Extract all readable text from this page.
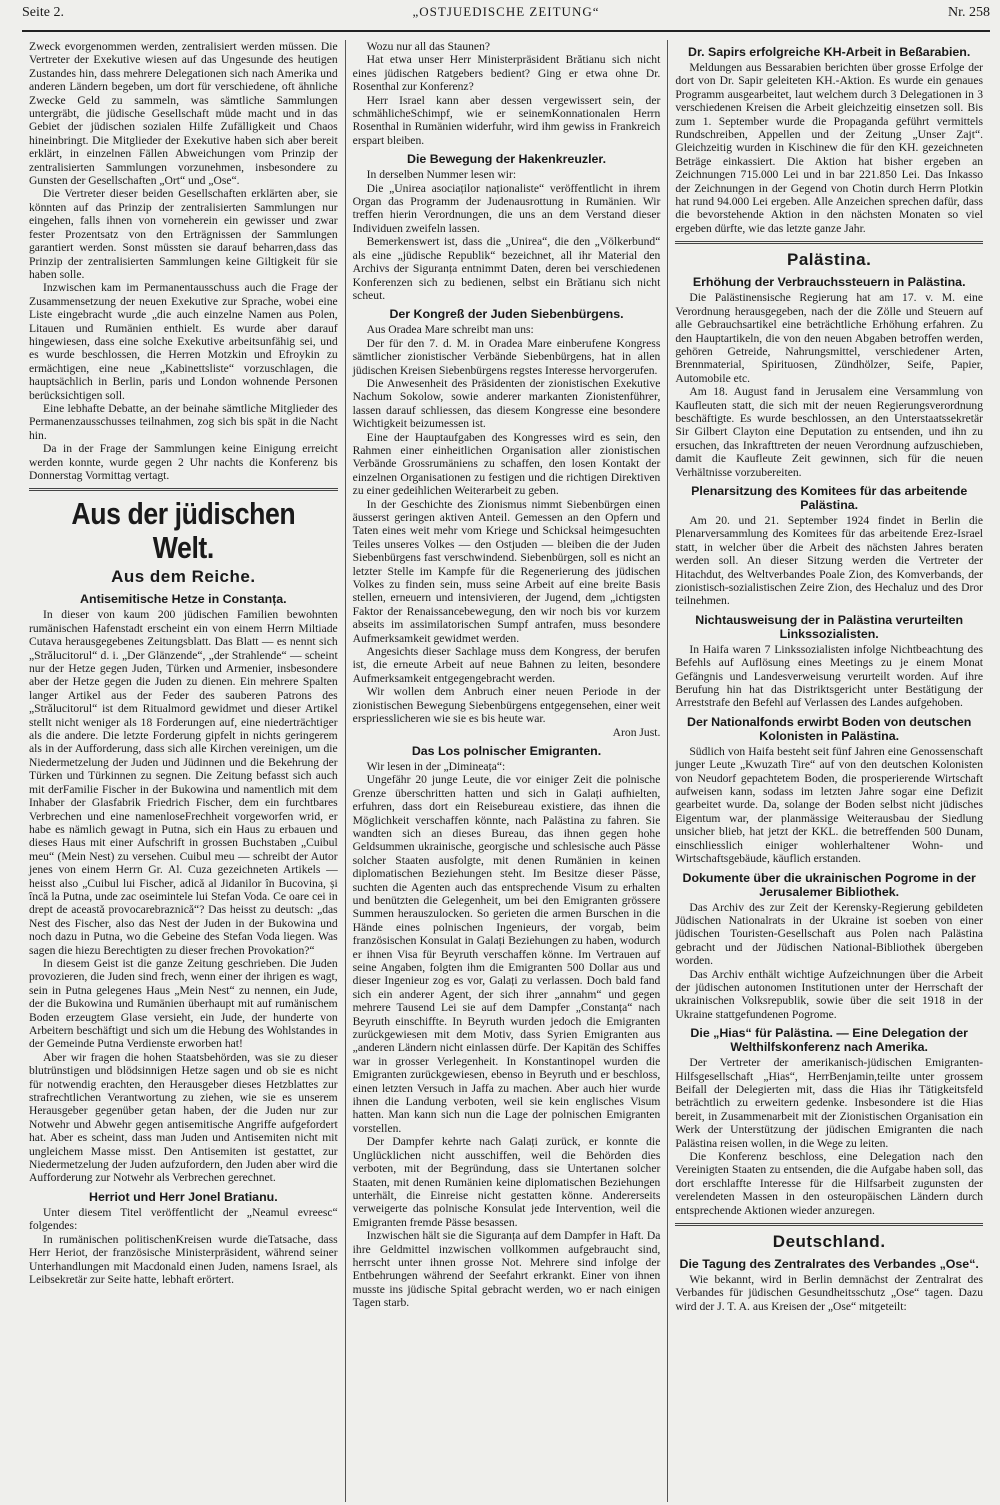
Seite 2.	„OSTJUEDISCHE ZEITUNG“	Nr. 258

Zweck evorgenommen werden, zentralisiert werden müssen. Die Vertreter der Exekutive wiesen auf das Ungesunde des heutigen Zustandes hin, dass mehrere Delegationen sich nach Amerika und anderen Ländern begeben, um dort für verschiedene, oft ähnliche Zwecke Geld zu sammeln, was sämtliche Sammlungen untergräbt, die jüdische Gesellschaft müde macht und in das Gebiet der jüdischen sozialen Hilfe Zufälligkeit und Chaos hineinbringt. Die Mitglieder der Exekutive haben sich aber bereit erklärt, in einzelnen Fällen Abweichungen vom Prinzip der zentralisierten Sammlungen vorzunehmen, insbesondere zu Gunsten der Gesellschaften „Ort“ und „Ose“.

Die Vertreter dieser beiden Gesellschaften erklärten aber, sie könnten auf das Prinzip der zentralisierten Sammlungen nur eingehen, falls ihnen von vorneherein ein gewisser und zwar fester Prozentsatz von den Erträgnissen der Sammlungen garantiert werden. Sonst müssten sie darauf beharren,dass das Prinzip der zentralisierten Sammlungen keine Giltigkeit für sie haben solle.

Inzwischen kam im Permanentausschuss auch die Frage der Zusammensetzung der neuen Exekutive zur Sprache, wobei eine Liste eingebracht wurde „die auch einzelne Namen aus Polen, Litauen und Rumänien enthielt. Es wurde aber darauf hingewiesen, dass eine solche Exekutive arbeitsunfähig sei, und es wurde beschlossen, die Herren Motzkin und Efroykin zu ermächtigen, eine neue „Kabinettsliste“ vorzuschlagen, die hauptsächlich in Berlin, paris und London wohnende Personen berücksichtigen soll.

Eine lebhafte Debatte, an der beinahe sämtliche Mitglieder des Permanenzausschusses teilnahmen, zog sich bis spät in die Nacht hin.

Da in der Frage der Sammlungen keine Einigung erreicht werden konnte, wurde gegen 2 Uhr nachts die Konferenz bis Donnerstag Vormittag vertagt.

Aus der jüdischen Welt.
Aus dem Reiche.
Antisemitische Hetze in Constanța.

In dieser von kaum 200 jüdischen Familien bewohnten rumänischen Hafenstadt erscheint ein von einem Herrn Miltiade Cutava herausgegebenes Zeitungsblatt. Das Blatt — es nennt sich „Strălucitorul“ d. i. „Der Glänzende“, „der Strahlende“ — scheint nur der Hetze gegen Juden, Türken und Armenier, insbesondere aber der Hetze gegen die Juden zu dienen. Ein mehrere Spalten langer Artikel aus der Feder des sauberen Patrons des „Strălucitorul“ ist dem Ritualmord gewidmet und dieser Artikel stellt nicht weniger als 18 Forderungen auf, eine niederträchtiger als die andere. Die letzte Forderung gipfelt in nichts geringerem als in der Aufforderung, dass sich alle Kirchen vereinigen, um die Niedermetzelung der Juden und Jüdinnen und die Bekehrung der Türken und Türkinnen zu segnen. Die Zeitung befasst sich auch mit derFamilie Fischer in der Bukowina und namentlich mit dem Inhaber der Glasfabrik Friedrich Fischer, dem ein furchtbares Verbrechen und eine namenloseFrechheit vorgeworfen wrid, er habe es nämlich gewagt in Putna, sich ein Haus zu erbauen und dieses Haus mit einer Aufschrift in grossen Buchstaben „Cuibul meu“ (Mein Nest) zu versehen. Cuibul meu — schreibt der Autor jenes von einem Herrn Gr. Al. Cuza gezeichneten Artikels — heisst also „Cuibul lui Fischer, adică al Jidanilor în Bucovina, și încă la Putna, unde zac oseimintele lui Stefan Voda. Ce oare cei in drept de aceastǎ provocarebraznică“? Das heisst zu deutsch: „das Nest des Fischer, also das Nest der Juden in der Bukowina und noch dazu in Putna, wo die Gebeine des Stefan Voda liegen. Was sagen die hiezu Berechtigten zu dieser frechen Provokation?“

In diesem Geist ist die ganze Zeitung geschrieben. Die Juden provozieren, die Juden sind frech, wenn einer der ihrigen es wagt, sein in Putna gelegenes Haus „Mein Nest“ zu nennen, ein Jude, der die Bukowina und Rumänien überhaupt mit auf rumänischem Boden erzeugtem Glase versieht, ein Jude, der hunderte von Arbeitern beschäftigt und sich um die Hebung des Wohlstandes in der Gemeinde Putna Verdienste erworben hat!

Aber wir fragen die hohen Staatsbehörden, was sie zu dieser blutrünstigen und blödsinnigen Hetze sagen und ob sie es nicht für notwendig erachten, den Herausgeber dieses Hetzblattes zur strafrechtlichen Verantwortung zu ziehen, wie sie es unserem Herausgeber gegenüber getan haben, der die Juden nur zur Notwehr und Abwehr gegen antisemitische Angriffe aufgefordert hat. Aber es scheint, dass man Juden und Antisemiten nicht mit ungleichem Masse misst. Den Antisemiten ist gestattet, zur Niedermetzelung der Juden aufzufordern, den Juden aber wird die Aufforderung zur Notwehr als Verbrechen gerechnet.

Herriot und Herr Jonel Bratianu.

Unter diesem Titel veröffentlicht der „Neamul evreesc“ folgendes:

In rumänischen politischenKreisen wurde dieTatsache, dass Herr Heriot, der französische Ministerpräsident, während seiner Unterhandlungen mit Macdonald einen Juden, namens Israel, als Leibsekretär zur Seite hatte, lebhaft erörtert.

Wozu nur all das Staunen?

Hat etwa unser Herr Ministerpräsident Brătianu sich nicht eines jüdischen Ratgebers bedient? Ging er etwa ohne Dr. Rosenthal zur Konferenz?

Herr Israel kann aber dessen vergewissert sein, der schmählicheSchimpf, wie er seinemKonnationalen Herrn Rosenthal in Rumänien widerfuhr, wird ihm gewiss in Frankreich erspart bleiben.

Die Bewegung der Hakenkreuzler.

In derselben Nummer lesen wir:

Die „Unirea asociaților naționaliste“ veröffentlicht in ihrem Organ das Programm der Judenausrottung in Rumänien. Wir treffen hierin Verordnungen, die uns an dem Verstand dieser Individuen zweifeln lassen.

Bemerkenswert ist, dass die „Unirea“, die den „Völkerbund“ als eine „jüdische Republik“ bezeichnet, all ihr Material den Archivs der Siguranța entnimmt Daten, deren bei verschiedenen Konferenzen sich zu bedienen, selbst ein Brătianu sich nicht scheut.

Der Kongreß der Juden Siebenbürgens.

Aus Oradea Mare schreibt man uns:

Der für den 7. d. M. in Oradea Mare einberufene Kongress sämtlicher zionistischer Verbände Siebenbürgens, hat in allen jüdischen Kreisen Siebenbürgens regstes Interesse hervorgerufen.

Die Anwesenheit des Präsidenten der zionistischen Exekutive Nachum Sokolow, sowie anderer markanten Zionistenführer, lassen darauf schliessen, das diesem Kongresse eine besondere Wichtigkeit beizumessen ist.

Eine der Hauptaufgaben des Kongresses wird es sein, den Rahmen einer einheitlichen Organisation aller zionistischen Verbände Grossrumäniens zu schaffen, den losen Kontakt der einzelnen Organisationen zu festigen und die richtigen Direktiven zu einer gedeihlichen Weiterarbeit zu geben.

In der Geschichte des Zionismus nimmt Siebenbürgen einen äusserst geringen aktiven Anteil. Gemessen an den Opfern und Taten eines weit mehr vom Kriege und Schicksal heimgesuchten Teiles unseres Volkes — den Ostjuden — bleiben die der Juden Siebenbürgens fast verschwindend. Siebenbürgen, soll es nicht an letzter Stelle im Kampfe für die Regenerierung des jüdischen Volkes zu finden sein, muss seine Arbeit auf eine breite Basis stellen, erneuern und intensivieren, der Jugend, dem „ichtigsten Faktor der Renaissancebewegung, den wir noch bis vor kurzem abseits im assimilatorischen Sumpf antrafen, muss besondere Aufmerksamkeit gewidmet werden.

Angesichts dieser Sachlage muss dem Kongress, der berufen ist, die erneute Arbeit auf neue Bahnen zu leiten, besondere Aufmerksamkeit entgegengebracht werden.

Wir wollen dem Anbruch einer neuen Periode in der zionistischen Bewegung Siebenbürgens entgegensehen, einer weit erspriesslicheren wie sie es bis heute war.

Aron Just.

Das Los polnischer Emigranten.

Wir lesen in der „Dimineața“:

Ungefähr 20 junge Leute, die vor einiger Zeit die polnische Grenze überschritten hatten und sich in Galați aufhielten, erfuhren, dass dort ein Reisebureau existiere, das ihnen die Möglichkeit verschaffen könnte, nach Palästina zu fahren. Sie wandten sich an dieses Bureau, das ihnen gegen hohe Geldsummen ukrainische, georgische und schlesische auch Pässe solcher Staaten ausfolgte, mit denen Rumänien in keinen diplomatischen Beziehungen steht. Im Besitze dieser Pässe, suchten die Agenten auch das entsprechende Visum zu erhalten und benützten die Gelegenheit, um bei den Emigranten grössere Summen herauszulocken. So gerieten die armen Burschen in die Hände eines polnischen Ingenieurs, der vorgab, beim französischen Konsulat in Galați Beziehungen zu haben, wodurch er ihnen Visa für Beyruth verschaffen könne. Im Vertrauen auf seine Angaben, folgten ihm die Emigranten 500 Dollar aus und dieser Ingenieur zog es vor, Galați zu verlassen. Doch bald fand sich ein anderer Agent, der sich ihrer „annahm“ und gegen mehrere Tausend Lei sie auf dem Dampfer „Constanța“ nach Beyruth einschiffte. In Beyruth wurden jedoch die Emigranten zurückgewiesen mit dem Motiv, dass Syrien Emigranten aus „anderen Ländern nicht einlassen dürfe. Der Kapitän des Schiffes war in grosser Verlegenheit. In Konstantinopel wurden die Emigranten zurückgewiesen, ebenso in Beyruth und er beschloss, einen letzten Versuch in Jaffa zu machen. Aber auch hier wurde ihnen die Landung verboten, weil sie kein englisches Visum hatten. Man kann sich nun die Lage der polnischen Emigranten vorstellen.

Der Dampfer kehrte nach Galați zurück, er konnte die Unglücklichen nicht ausschiffen, weil die Behörden dies verboten, mit der Begründung, dass sie Untertanen solcher Staaten, mit denen Rumänien keine diplomatischen Beziehungen unterhält, die Einreise nicht gestatten könne. Andererseits verweigerte das polnische Konsulat jede Intervention, weil die Emigranten fremde Pässe besassen.

Inzwischen hält sie die Siguranța auf dem Dampfer in Haft. Da ihre Geldmittel inzwischen vollkommen aufgebraucht sind, herrscht unter ihnen grosse Not. Mehrere sind infolge der Entbehrungen während der Seefahrt erkrankt. Einer von ihnen musste ins jüdische Spital gebracht werden, wo er nach einigen Tagen starb.

Dr. Sapirs erfolgreiche KH-Arbeit in Beßarabien.

Meldungen aus Bessarabien berichten über grosse Erfolge der dort von Dr. Sapir geleiteten KH.-Aktion. Es wurde ein genaues Programm ausgearbeitet, laut welchem durch 3 Delegationen in 3 verschiedenen Kreisen die Arbeit gleichzeitig einsetzen soll. Bis zum 1. September wurde die Propaganda geführt vermittels Rundschreiben, Appellen und der Zeitung „Unser Zajt“. Gleichzeitig wurden in Kischinew die für den KH. gezeichneten Beträge einkassiert. Die Aktion hat bisher ergeben an Zeichnungen 715.000 Lei und in bar 221.850 Lei. Das Inkasso der Zeichnungen in der Gegend von Chotin durch Herrn Plotkin hat rund 94.000 Lei ergeben. Alle Anzeichen sprechen dafür, dass die bevorstehende Aktion in den nächsten Monaten so viel ergeben dürfte, wie das letzte ganze Jahr.

Palästina.
Erhöhung der Verbrauchssteuern in Palästina.

Die Palästinensische Regierung hat am 17. v. M. eine Verordnung herausgegeben, nach der die Zölle und Steuern auf alle Gebrauchsartikel eine beträchtliche Erhöhung erfahren. Zu den Hauptartikeln, die von den neuen Abgaben betroffen werden, gehören Getreide, Nahrungsmittel, verschiedener Arten, Brennmaterial, Spirituosen, Zündhölzer, Seife, Papier, Automobile etc.

Am 18. August fand in Jerusalem eine Versammlung von Kaufleuten statt, die sich mit der neuen Regierungsverordnung beschäftigte. Es wurde beschlossen, an den Unterstaatssekretär Sir Gilbert Clayton eine Deputation zu entsenden, und ihn zu ersuchen, das Inkrafttreten der neuen Verordnung aufzuschieben, damit die Kaufleute Zeit gewinnen, sich für die neuen Verhältnisse vorzubereiten.

Plenarsitzung des Komitees für das arbeitende Palästina.

Am 20. und 21. September 1924 findet in Berlin die Plenarversammlung des Komitees für das arbeitende Erez-Israel statt, in welcher über die Arbeit des nächsten Jahres beraten werden soll. An dieser Sitzung werden die Vertreter der Hitachdut, des Weltverbandes Poale Zion, des Komverbands, der zionistisch-sozialistischen Zeire Zion, des Hechaluz und des Dror teilnehmen.

Nichtausweisung der in Palästina verurteilten Linkssozialisten.

In Haifa waren 7 Linkssozialisten infolge Nichtbeachtung des Befehls auf Auflösung eines Meetings zu je einem Monat Gefängnis und Landesverweisung verurteilt worden. Auf ihre Berufung hin hat das Distriktsgericht unter Bestätigung der Arreststrafe den Befehl auf Verlassen des Landes aufgehoben.

Der Nationalfonds erwirbt Boden von deutschen Kolonisten in Palästina.

Südlich von Haifa besteht seit fünf Jahren eine Genossenschaft junger Leute „Kwuzath Tire“ auf von den deutschen Kolonisten von Neudorf gepachtetem Boden, die prosperierende Wirtschaft aufweisen kann, sodass im letzten Jahre sogar eine Defizit gearbeitet wurde. Da, solange der Boden selbst nicht jüdisches Eigentum war, der planmässige Weiterausbau der Siedlung unsicher blieb, hat jetzt der KKL. die betreffenden 500 Dunam, einschliesslich einiger wohlerhaltener Wohn- und Wirtschaftsgebäude, käuflich erstanden.

Dokumente über die ukrainischen Pogrome in der Jerusalemer Bibliothek.

Das Archiv des zur Zeit der Kerensky-Regierung gebildeten Jüdischen Nationalrats in der Ukraine ist soeben von einer jüdischen Touristen-Gesellschaft aus Polen nach Palästina gebracht und der Jüdischen National-Bibliothek übergeben worden.

Das Archiv enthält wichtige Aufzeichnungen über die Arbeit der jüdischen autonomen Institutionen unter der Herrschaft der ukrainischen Volksrepublik, sowie über die seit 1918 in der Ukraine stattgefundenen Pogrome.

Die „Hias“ für Palästina. — Eine Delegation der Welthilfskonferenz nach Amerika.

Der Vertreter der amerikanisch-jüdischen Emigranten-Hilfsgesellschaft „Hias“, HerrBenjamin,teilte unter grossem Beifall der Delegierten mit, dass die Hias ihr Tätigkeitsfeld beträchtlich zu erweitern gedenke. Insbesondere ist die Hias bereit, in Zusammenarbeit mit der Zionistischen Organisation ein Werk der Unterstützung der jüdischen Emigranten die nach Palästina reisen wollen, in die Wege zu leiten.

Die Konferenz beschloss, eine Delegation nach den Vereinigten Staaten zu entsenden, die die Aufgabe haben soll, das dort erschlaffte Interesse für die Hilfsarbeit zugunsten der verelendeten Massen in den osteuropäischen Ländern durch entsprechende Aktionen wieder anzuregen.

Deutschland.
Die Tagung des Zentralrates des Verbandes „Ose“.

Wie bekannt, wird in Berlin demnächst der Zentralrat des Verbandes für jüdischen Gesundheitsschutz „Ose“ tagen. Dazu wird der J. T. A. aus Kreisen der „Ose“ mitgeteilt:
